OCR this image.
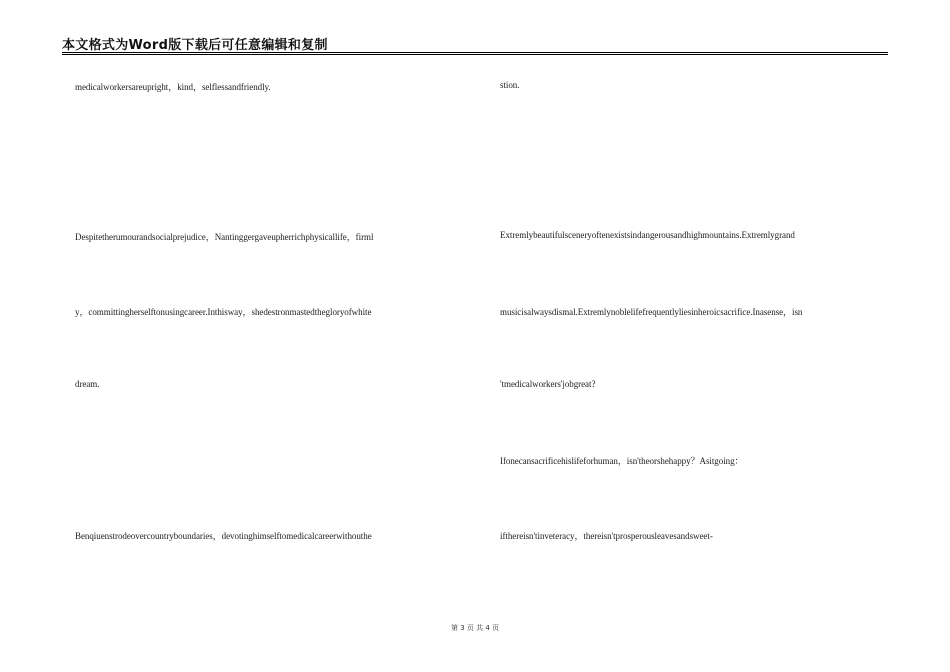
本文格式为Word版下载后可任意编辑和复制
medicalworkersareupright，kind，selflessandfriendly.
Despitetherumourandsocialprejudice，Nantinggergaveupherrichphysicallife，firml
y，committingherselftonusingcareer.Inthisway，shedestronmastedthegloryofwhite
dream.
Benqiuenstrodeovercountryboundaries，devotinghimselftomedicalcareerwithouthe
stion.
Extremlybeautifulsceneryoftenexistsindangerousandhighmountains.Extremlygrand
musicisalwaysdismal.Extremlynoblelifefrequentlyliesinheroicsacrifice.Inasense，isn
'tmedicalworkers'jobgreat?
Ifonecansacrificehislifeforhuman，isn'theorshehappy？Asitgoing：
ifthereisn'tinveteracy，thereisn'tprosperousleavesandsweet-
第 3 页 共 4 页
